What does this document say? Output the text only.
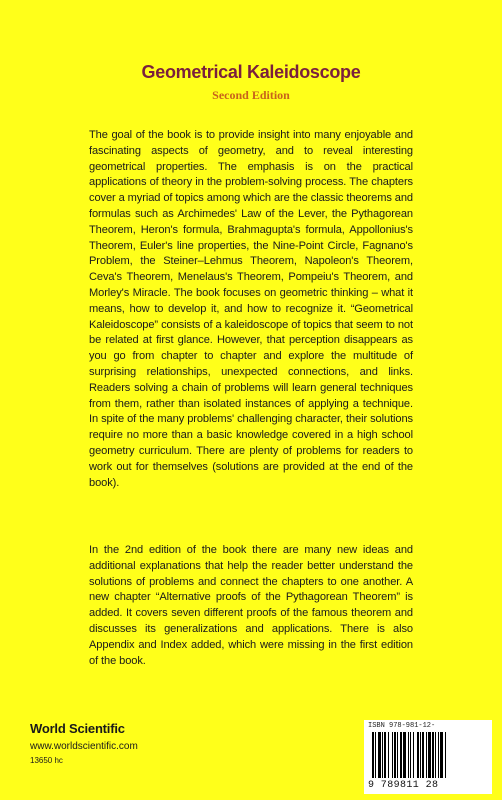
Geometrical Kaleidoscope
Second Edition

The goal of the book is to provide insight into many enjoyable and fascinating aspects of geometry, and to reveal interesting geometrical properties. The emphasis is on the practical applications of theory in the problem-solving process. The chapters cover a myriad of topics among which are the classic theorems and formulas such as Archimedes' Law of the Lever, the Pythagorean Theorem, Heron's formula, Brahmagupta's formula, Appollonius's Theorem, Euler's line properties, the Nine-Point Circle, Fagnano's Problem, the Steiner–Lehmus Theorem, Napoleon's Theorem, Ceva's Theorem, Menelaus's Theorem, Pompeiu's Theorem, and Morley's Miracle. The book focuses on geometric thinking – what it means, how to develop it, and how to recognize it. “Geometrical Kaleidoscope” consists of a kaleidoscope of topics that seem to not be related at first glance. However, that perception disappears as you go from chapter to chapter and explore the multitude of surprising relationships, unexpected connections, and links. Readers solving a chain of problems will learn general techniques from them, rather than isolated instances of applying a technique. In spite of the many problems' challenging character, their solutions require no more than a basic knowledge covered in a high school geometry curriculum. There are plenty of problems for readers to work out for themselves (solutions are provided at the end of the book).

In the 2nd edition of the book there are many new ideas and additional explanations that help the reader better understand the solutions of problems and connect the chapters to one another. A new chapter “Alternative proofs of the Pythagorean Theorem” is added. It covers seven different proofs of the famous theorem and discusses its generalizations and applications. There is also Appendix and Index added, which were missing in the first edition of the book.

World Scientific
www.worldscientific.com
13650 hc
ISBN 978-981-12-
9 789811 28
